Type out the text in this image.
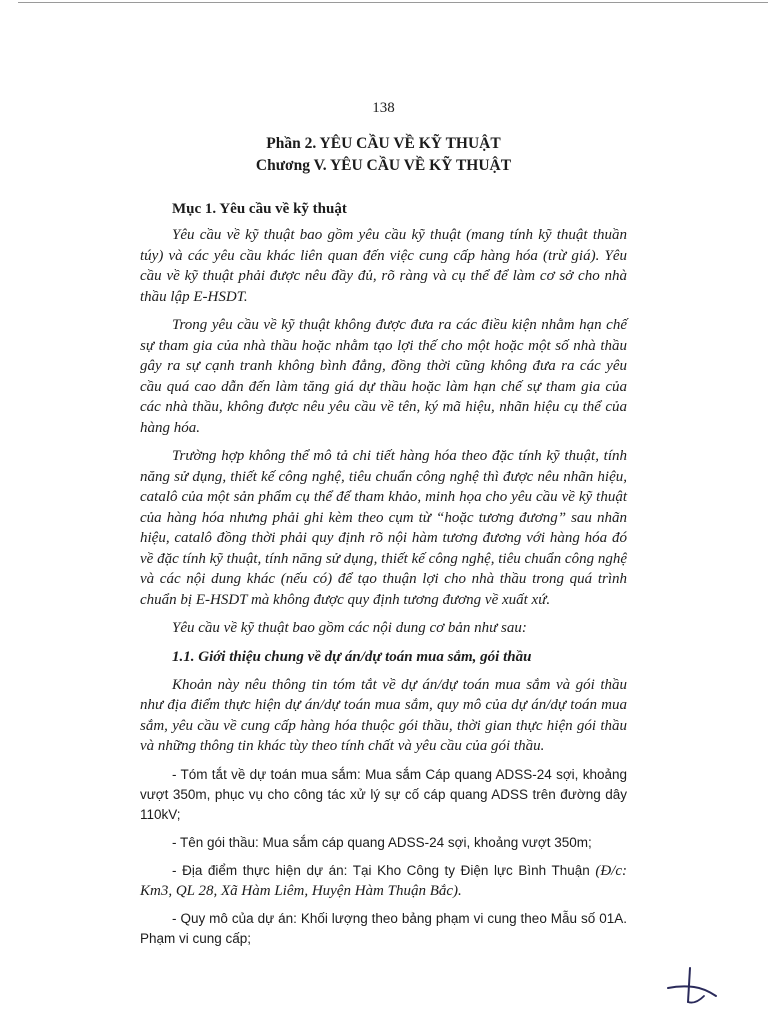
138
Phần 2. YÊU CẦU VỀ KỸ THUẬT
Chương V. YÊU CẦU VỀ KỸ THUẬT
Mục 1. Yêu cầu về kỹ thuật

Yêu cầu về kỹ thuật bao gồm yêu cầu kỹ thuật (mang tính kỹ thuật thuần túy) và các yêu cầu khác liên quan đến việc cung cấp hàng hóa (trừ giá). Yêu cầu về kỹ thuật phải được nêu đầy đủ, rõ ràng và cụ thể để làm cơ sở cho nhà thầu lập E-HSDT.

Trong yêu cầu về kỹ thuật không được đưa ra các điều kiện nhằm hạn chế sự tham gia của nhà thầu hoặc nhằm tạo lợi thế cho một hoặc một số nhà thầu gây ra sự cạnh tranh không bình đẳng, đồng thời cũng không đưa ra các yêu cầu quá cao dẫn đến làm tăng giá dự thầu hoặc làm hạn chế sự tham gia của các nhà thầu, không được nêu yêu cầu về tên, ký mã hiệu, nhãn hiệu cụ thể của hàng hóa.

Trường hợp không thể mô tả chi tiết hàng hóa theo đặc tính kỹ thuật, tính năng sử dụng, thiết kế công nghệ, tiêu chuẩn công nghệ thì được nêu nhãn hiệu, catalô của một sản phẩm cụ thể để tham khảo, minh họa cho yêu cầu về kỹ thuật của hàng hóa nhưng phải ghi kèm theo cụm từ “hoặc tương đương” sau nhãn hiệu, catalô đồng thời phải quy định rõ nội hàm tương đương với hàng hóa đó về đặc tính kỹ thuật, tính năng sử dụng, thiết kế công nghệ, tiêu chuẩn công nghệ và các nội dung khác (nếu có) để tạo thuận lợi cho nhà thầu trong quá trình chuẩn bị E-HSDT mà không được quy định tương đương về xuất xứ.

Yêu cầu về kỹ thuật bao gồm các nội dung cơ bản như sau:

1.1. Giới thiệu chung về dự án/dự toán mua sắm, gói thầu

Khoản này nêu thông tin tóm tắt về dự án/dự toán mua sắm và gói thầu như địa điểm thực hiện dự án/dự toán mua sắm, quy mô của dự án/dự toán mua sắm, yêu cầu về cung cấp hàng hóa thuộc gói thầu, thời gian thực hiện gói thầu và những thông tin khác tùy theo tính chất và yêu cầu của gói thầu.

- Tóm tắt về dự toán mua sắm: Mua sắm Cáp quang ADSS-24 sợi, khoảng vượt 350m, phục vụ cho công tác xử lý sự cố cáp quang ADSS trên đường dây 110kV;

- Tên gói thầu: Mua sắm cáp quang ADSS-24 sợi, khoảng vượt 350m;

- Địa điểm thực hiện dự án: Tại Kho Công ty Điện lực Bình Thuận (Đ/c: Km3, QL 28, Xã Hàm Liêm, Huyện Hàm Thuận Bắc).

- Quy mô của dự án: Khối lượng theo bảng phạm vi cung theo Mẫu số 01A. Phạm vi cung cấp;
